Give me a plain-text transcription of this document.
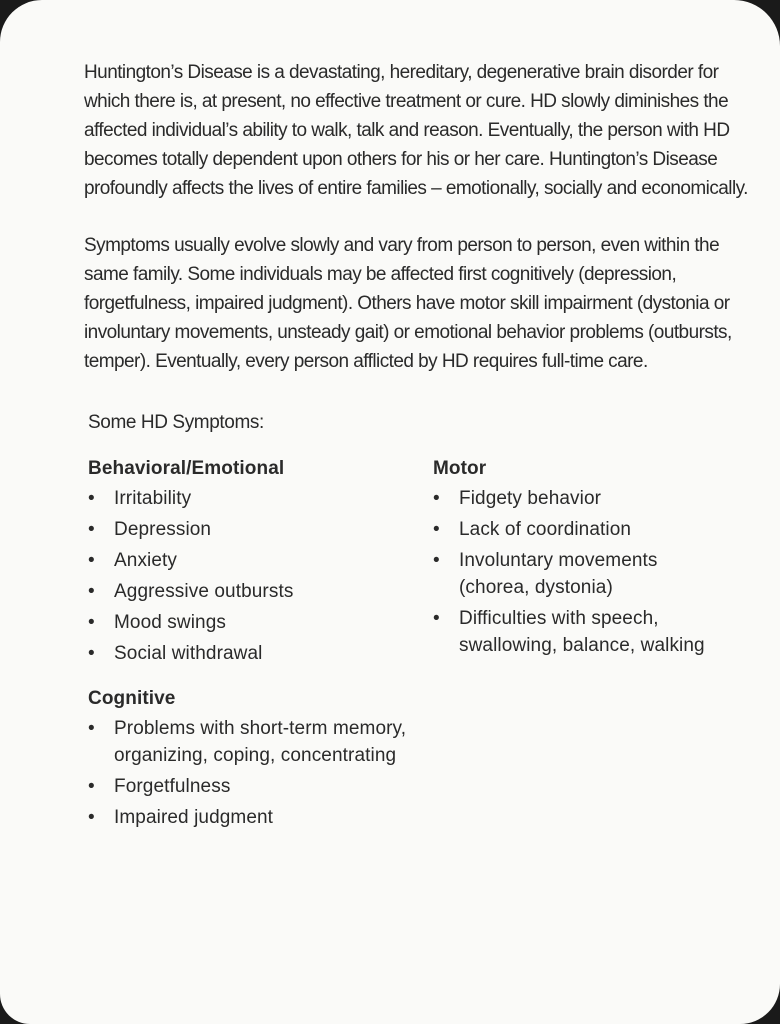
Huntington’s Disease is a devastating, hereditary, degenerative brain disorder for which there is, at present, no effective treatment or cure. HD slowly diminishes the affected individual’s ability to walk, talk and reason. Eventually, the person with HD becomes totally dependent upon others for his or her care. Huntington’s Disease profoundly affects the lives of entire families – emotionally, socially and economically.

Symptoms usually evolve slowly and vary from person to person, even within the same family. Some individuals may be affected first cognitively (depression, forgetfulness, impaired judgment). Others have motor skill impairment (dystonia or involuntary movements, unsteady gait) or emotional behavior problems (outbursts, temper). Eventually, every person afflicted by HD requires full-time care.

Some HD Symptoms:

Behavioral/Emotional
• Irritability
• Depression
• Anxiety
• Aggressive outbursts
• Mood swings
• Social withdrawal
Motor
• Fidgety behavior
• Lack of coordination
• Involuntary movements (chorea, dystonia)
• Difficulties with speech, swallowing, balance, walking
Cognitive
• Problems with short-term memory, organizing, coping, concentrating
• Forgetfulness
• Impaired judgment
